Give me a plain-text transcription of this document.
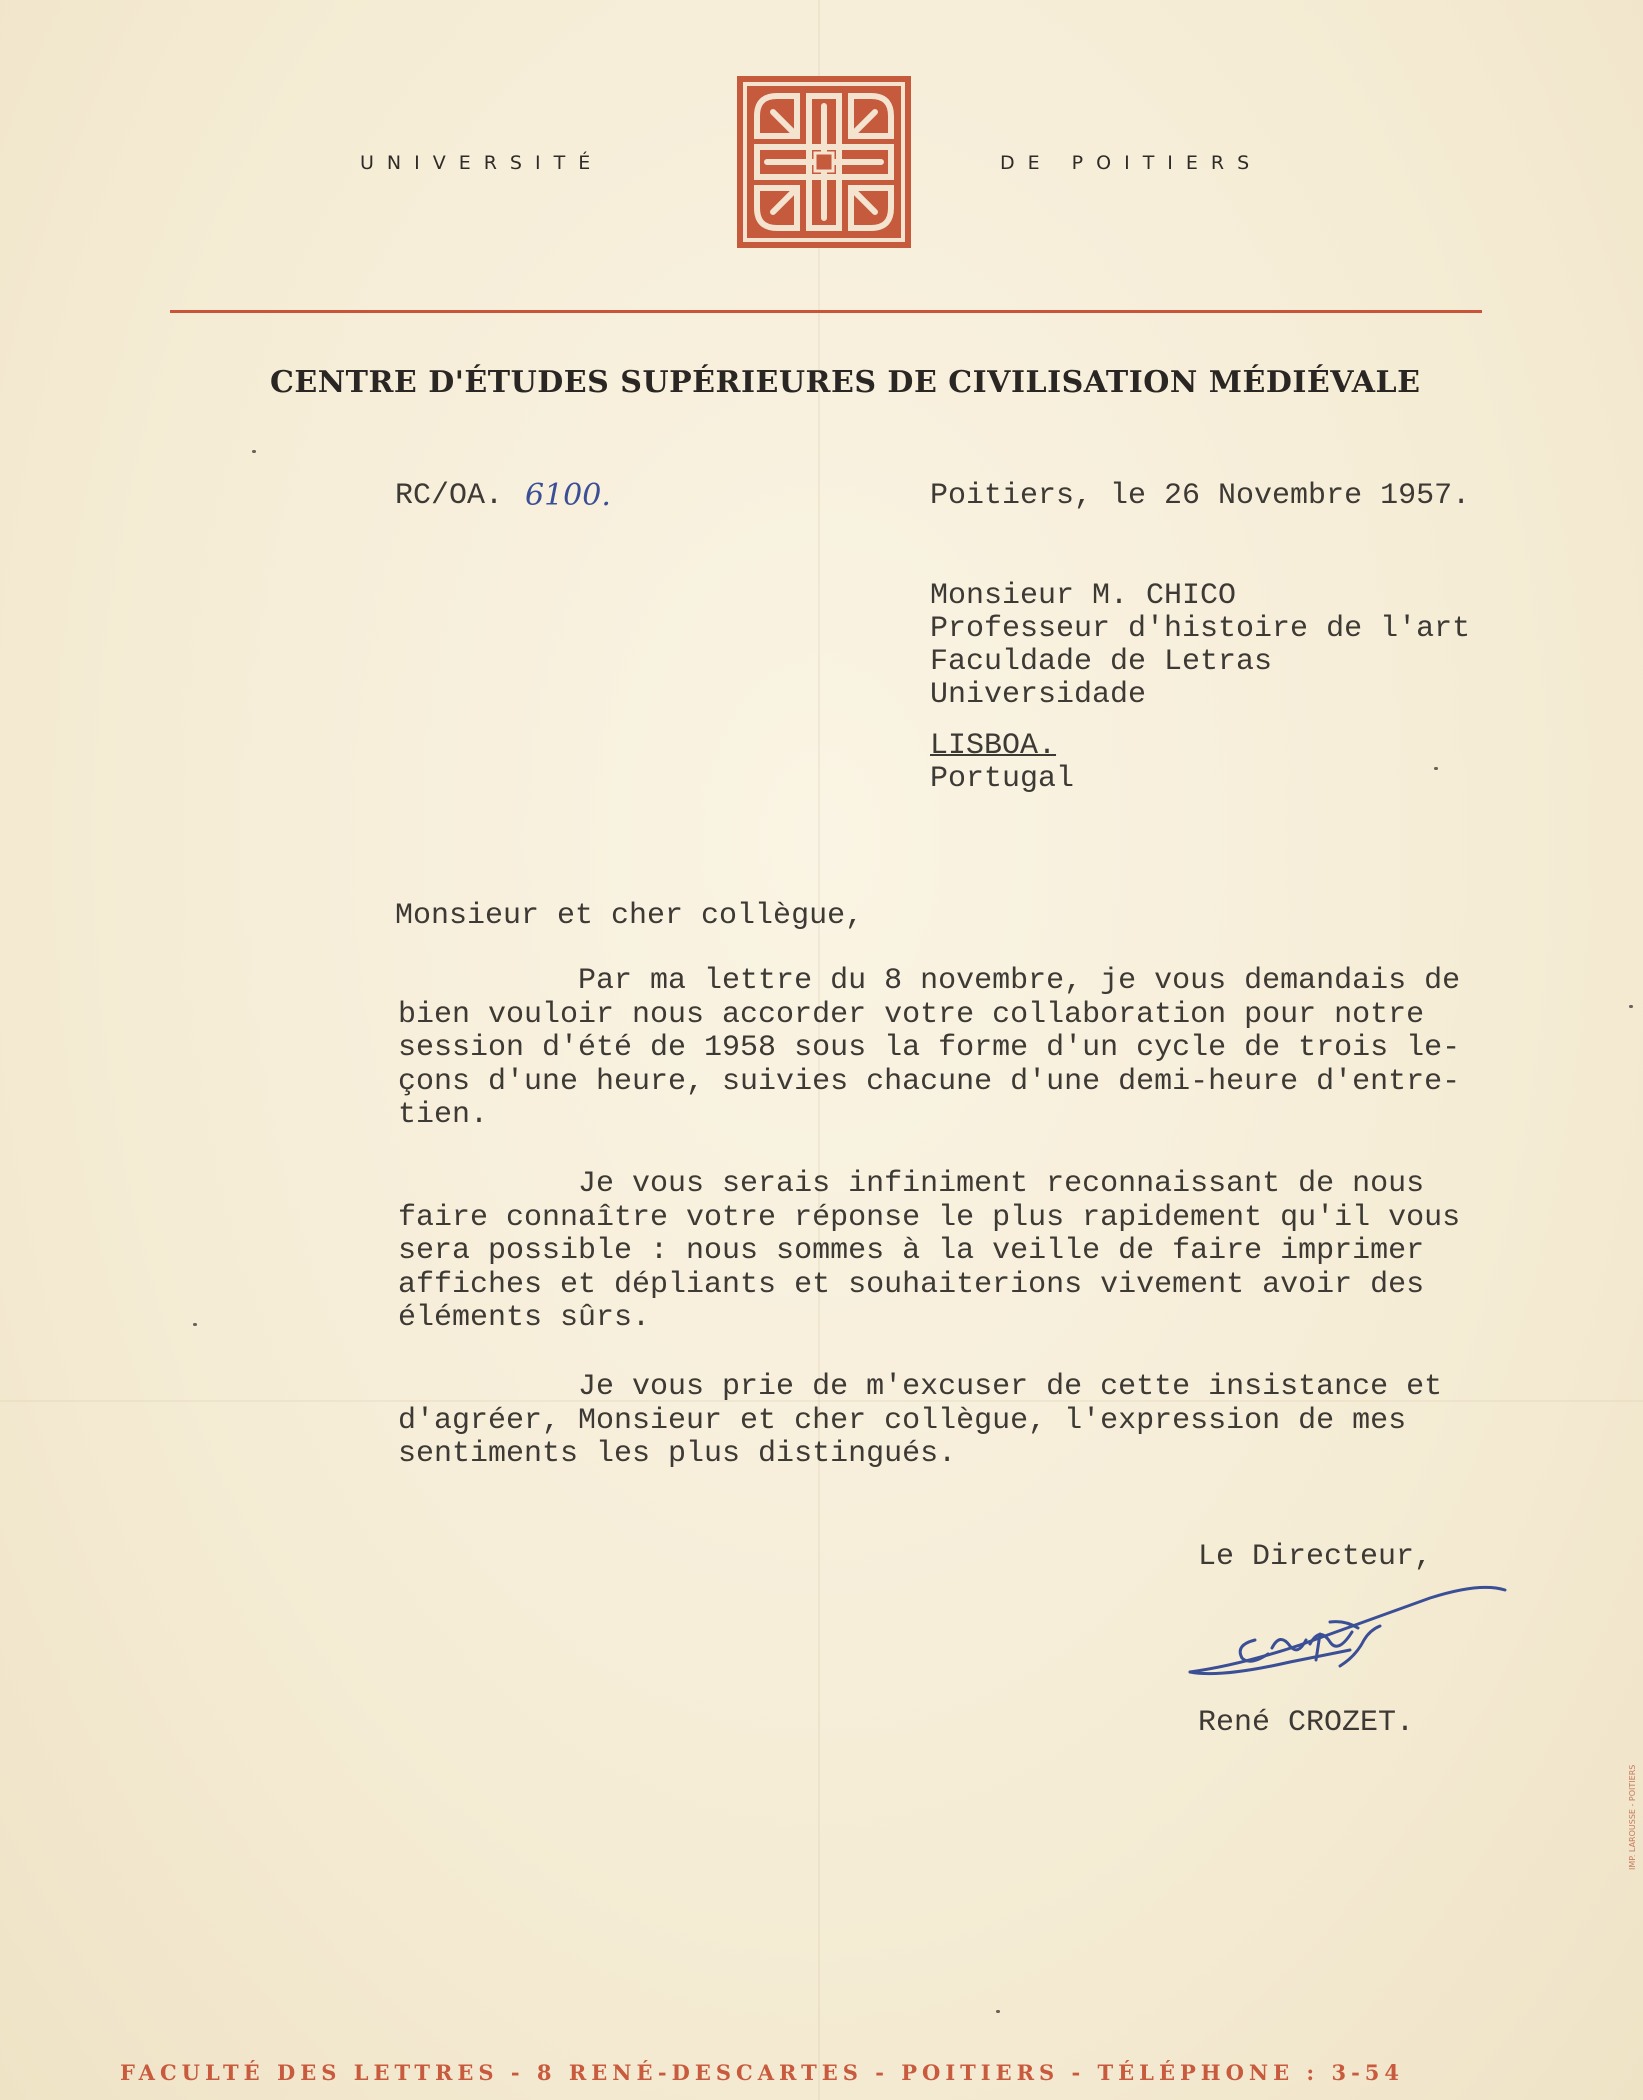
UNIVERSITÉ	DE POITIERS
CENTRE D'ÉTUDES SUPÉRIEURES DE CIVILISATION MÉDIÉVALE
RC/OA. 6100.	Poitiers, le 26 Novembre 1957.
Monsieur M. CHICO
Professeur d'histoire de l'art
Faculdade de Letras
Universidade
LISBOA.
Portugal
Monsieur et cher collègue,
Par ma lettre du 8 novembre, je vous demandais de
bien vouloir nous accorder votre collaboration pour notre
session d'été de 1958 sous la forme d'un cycle de trois le-
çons d'une heure, suivies chacune d'une demi-heure d'entre-
tien.
Je vous serais infiniment reconnaissant de nous
faire connaître votre réponse le plus rapidement qu'il vous
sera possible : nous sommes à la veille de faire imprimer
affiches et dépliants et souhaiterions vivement avoir des
éléments sûrs.
Je vous prie de m'excuser de cette insistance et
d'agréer, Monsieur et cher collègue, l'expression de mes
sentiments les plus distingués.
Le Directeur,
René CROZET.
FACULTÉ DES LETTRES - 8 RENÉ-DESCARTES - POITIERS - TÉLÉPHONE : 3-54
IMP. LAROUSSE - POITIERS
